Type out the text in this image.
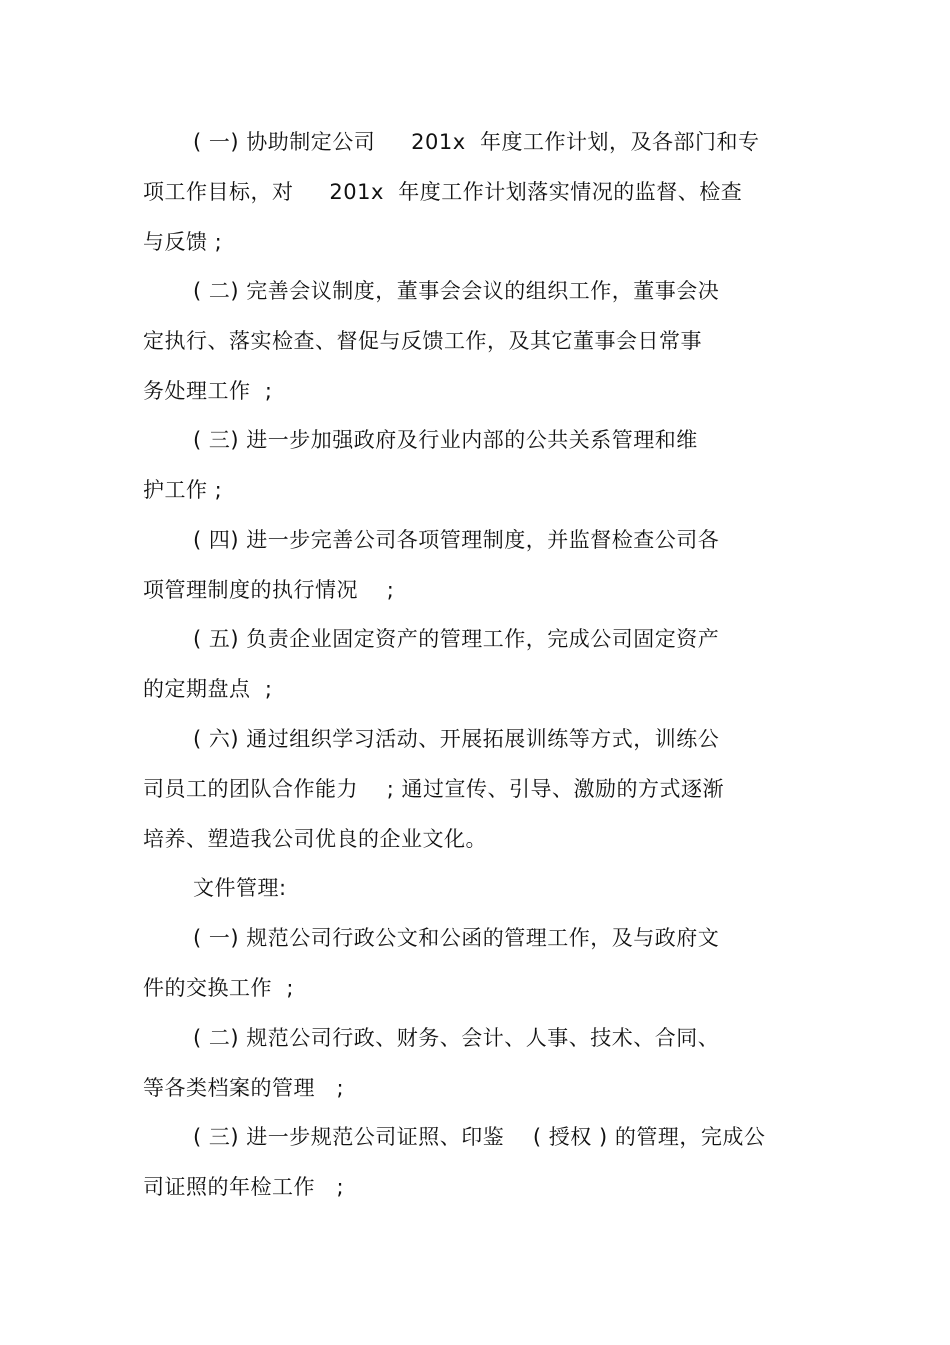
( 一) 协助制定公司     201x  年度工作计划，及各部门和专
项工作目标，对     201x  年度工作计划落实情况的监督、检查
与反馈 ;
( 二) 完善会议制度，董事会会议的组织工作，董事会决
定执行、落实检查、督促与反馈工作，及其它董事会日常事
务处理工作  ;
( 三) 进一步加强政府及行业内部的公共关系管理和维
护工作 ;
( 四) 进一步完善公司各项管理制度，并监督检查公司各
项管理制度的执行情况    ;
( 五) 负责企业固定资产的管理工作，完成公司固定资产
的定期盘点  ;
( 六) 通过组织学习活动、开展拓展训练等方式，训练公
司员工的团队合作能力    ; 通过宣传、引导、激励的方式逐渐
培养、塑造我公司优良的企业文化。
文件管理:
( 一) 规范公司行政公文和公函的管理工作，及与政府文
件的交换工作  ;
( 二) 规范公司行政、财务、会计、人事、技术、合同、
等各类档案的管理   ;
( 三) 进一步规范公司证照、印鉴    ( 授权 ) 的管理，完成公
司证照的年检工作   ;
